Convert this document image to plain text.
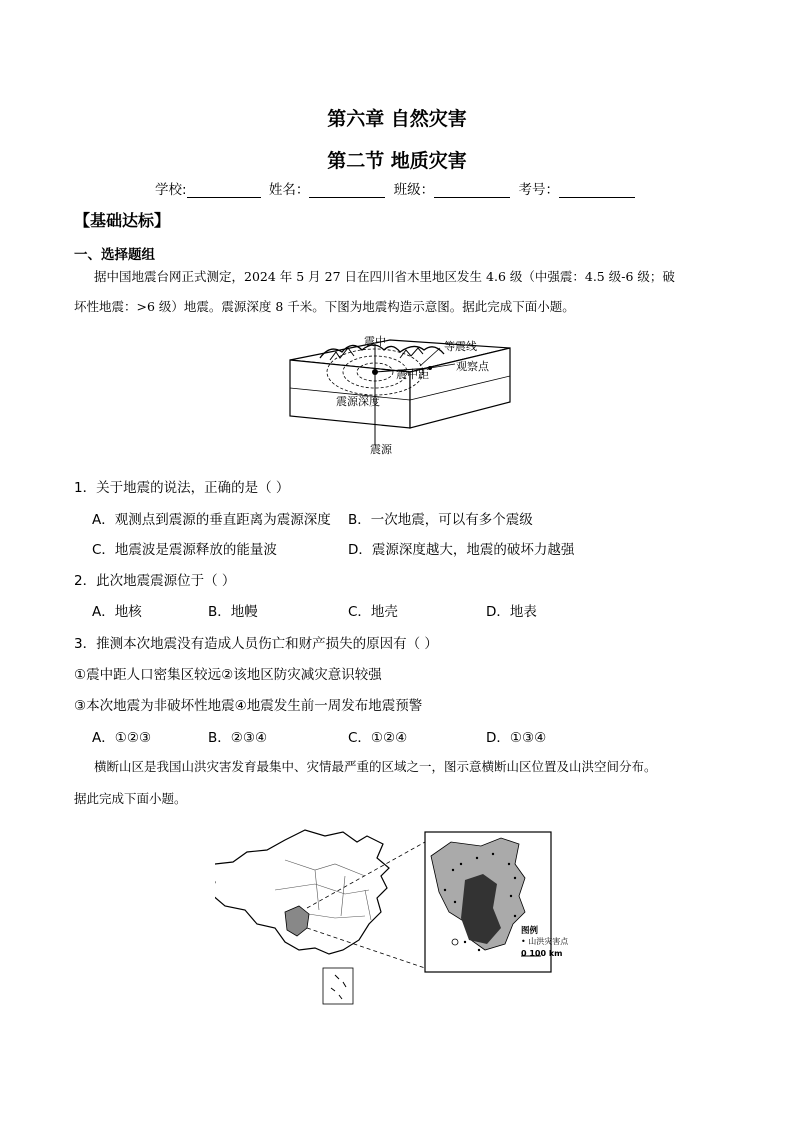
第六章 自然灾害
第二节 地质灾害
学校:	姓名：	班级：	考号：
【基础达标】
一、选择题组
据中国地震台网正式测定，2024 年 5 月 27 日在四川省木里地区发生 4.6 级（中强震：4.5 级-6 级；破
坏性地震：>6 级）地震。震源深度 8 千米。下图为地震构造示意图。据此完成下面小题。
震中	等震线
观察点
震中距
震源深度
震源
1．关于地震的说法，正确的是（ ）
A．观测点到震源的垂直距离为震源深度 B．一次地震，可以有多个震级
C．地震波是震源释放的能量波	D．震源深度越大，地震的破坏力越强
2．此次地震震源位于（ ）
A．地核	B．地幔	C．地壳	D．地表
3．推测本次地震没有造成人员伤亡和财产损失的原因有（ ）
①震中距人口密集区较远②该地区防灾减灾意识较强
③本次地震为非破坏性地震④地震发生前一周发布地震预警
A．①②③	B．②③④	C．①②④	D．①③④
横断山区是我国山洪灾害发育最集中、灾情最严重的区域之一，图示意横断山区位置及山洪空间分布。
据此完成下面小题。
图例
• 山洪灾害点
0 100 km
